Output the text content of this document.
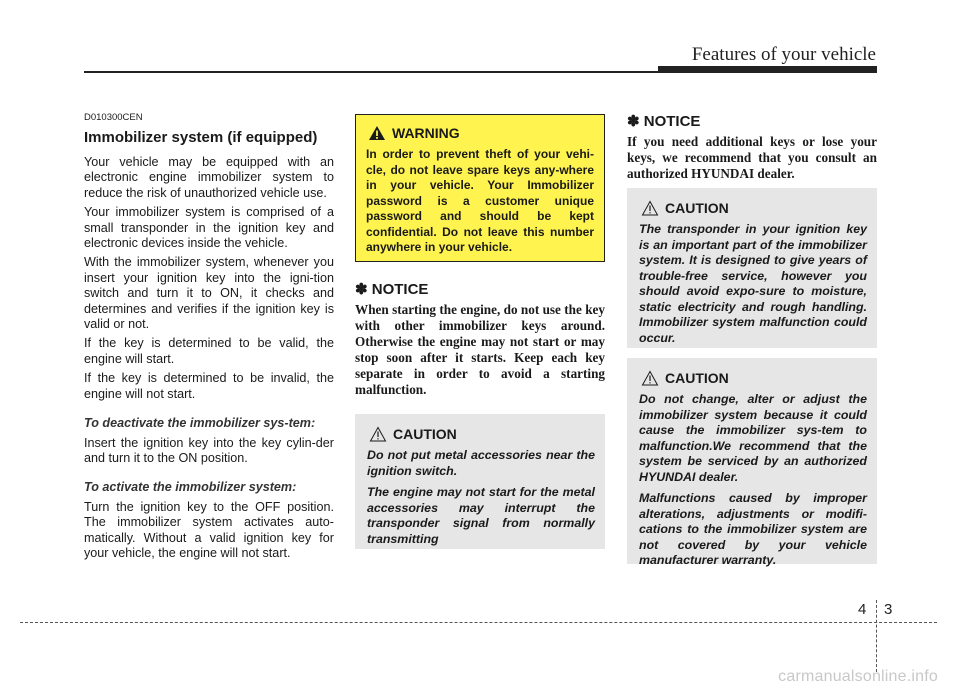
Features of your vehicle
D010300CEN
Immobilizer system (if equipped)

Your vehicle may be equipped with an electronic engine immobilizer system to reduce the risk of unauthorized vehicle use.

Your immobilizer system is comprised of a small transponder in the ignition key and electronic devices inside the vehicle.

With the immobilizer system, whenever you insert your ignition key into the igni-tion switch and turn it to ON, it checks and determines and verifies if the ignition key is valid or not.

If the key is determined to be valid, the engine will start.

If the key is determined to be invalid, the engine will not start.

To deactivate the immobilizer sys-tem:

Insert the ignition key into the key cylin-der and turn it to the ON position.

To activate the immobilizer system:

Turn the ignition key to the OFF position. The immobilizer system activates auto-matically. Without a valid ignition key for your vehicle, the engine will not start.

WARNING

In order to prevent theft of your vehi-cle, do not leave spare keys any-where in your vehicle. Your Immobilizer password is a customer unique password and should be kept confidential. Do not leave this number anywhere in your vehicle.

✽ NOTICE

When starting the engine, do not use the key with other immobilizer keys around. Otherwise the engine may not start or may stop soon after it starts. Keep each key separate in order to avoid a starting malfunction.

CAUTION

Do not put metal accessories near the ignition switch.

The engine may not start for the metal accessories may interrupt the transponder signal from normally transmitting

✽ NOTICE

If you need additional keys or lose your keys, we recommend that you consult an authorized HYUNDAI dealer.

CAUTION

The transponder in your ignition key is an important part of the immobilizer system. It is designed to give years of trouble-free service, however you should avoid expo-sure to moisture, static electricity and rough handling. Immobilizer system malfunction could occur.

CAUTION

Do not change, alter or adjust the immobilizer system because it could cause the immobilizer sys-tem to malfunction.We recommend that the system be serviced by an authorized HYUNDAI dealer.

Malfunctions caused by improper alterations, adjustments or modifi-cations to the immobilizer system are not covered by your vehicle manufacturer warranty.

4 3
carmanualsonline.info
